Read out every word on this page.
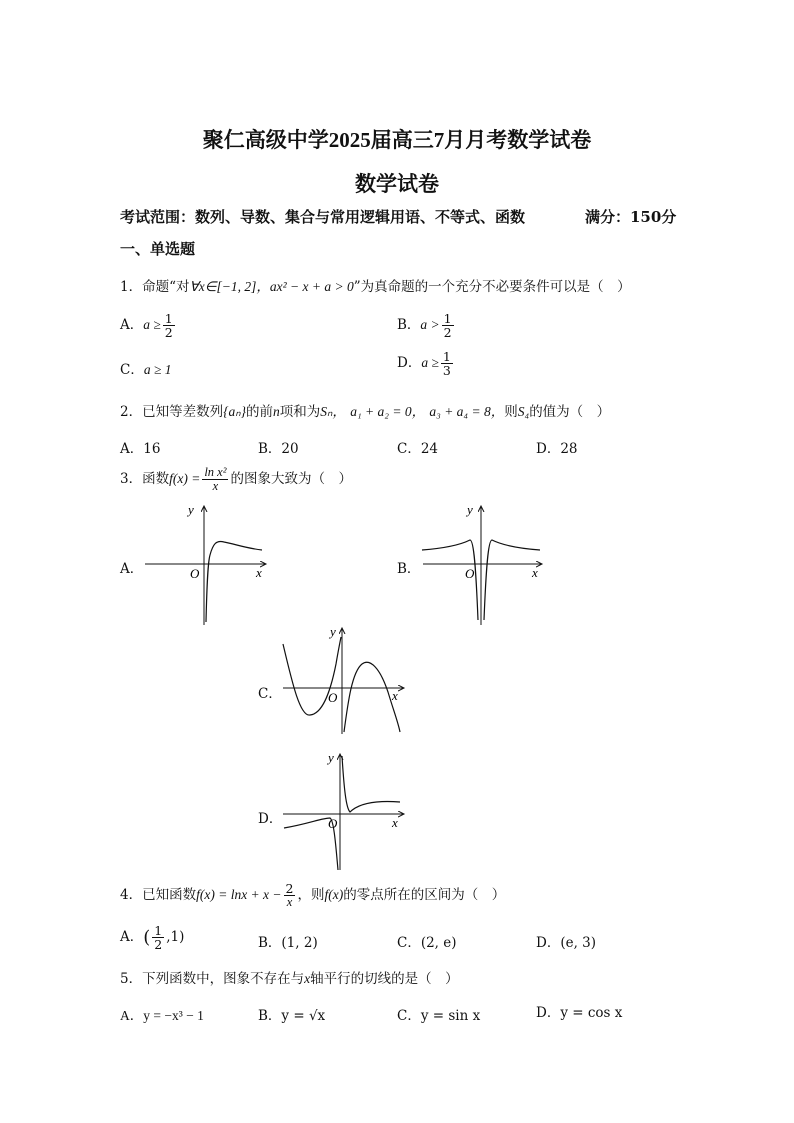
聚仁高级中学2025届高三7月月考数学试卷
数学试卷
考试范围：数列、导数、集合与常用逻辑用语、不等式、函数	满分：150分
一、单选题
1．命题“对∀x∈[−1, 2]，ax² − x + a > 0”为真命题的一个充分不必要条件可以是（　）
A．$a \ge \frac{1}{2}$	B．$a > \frac{1}{2}$
C．a ≥ 1	D．$a \ge \frac{1}{3}$
2．已知等差数列{aₙ}的前n项和为Sₙ， a₁ + a₂ = 0， a₃ + a₄ = 8，则S₄的值为（　）
A．16	B．20	C．24	D．28
3．函数$f(x) = \frac{\text{ln x²}}{x}$ 的图象大致为（　）
A．	O	x
y
B．	O	x
y
C．	O	x
y
D．	O	x
y
4．已知函数$f(x) = \ln x + x - \frac{2}{x}$ ，则f(x)的零点所在的区间为（　）
A．( $\frac{1}{2} ,1$)	B．(1, 2)	C．(2, e)	D．(e, 3)
5．下列函数中，图象不存在与x轴平行的切线的是（　）
A．y = −x³ − 1	B．y = √x	C．y = sin x	D．y = cos x
